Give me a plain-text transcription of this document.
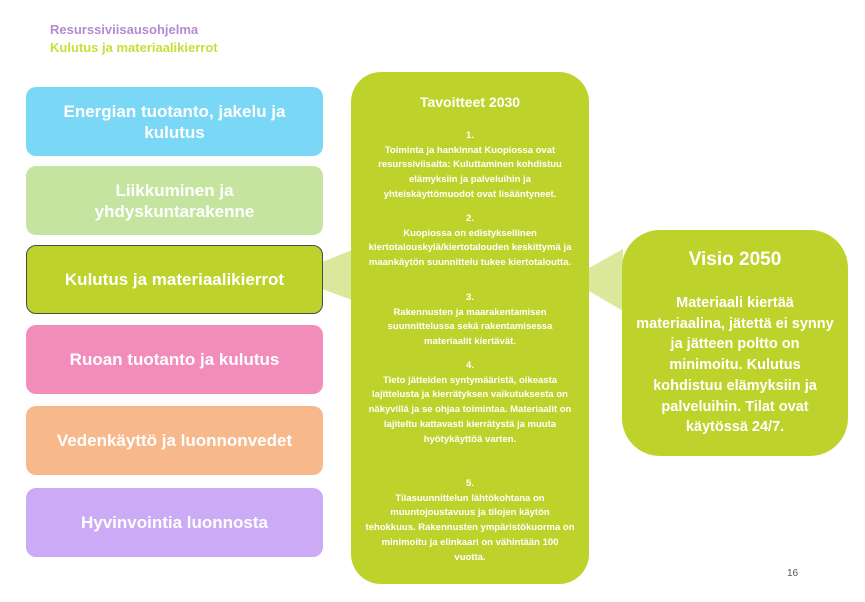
Resurssiviisausohjelma
Kulutus ja materiaalikierrot
Energian tuotanto, jakelu ja kulutus
Liikkuminen ja yhdyskuntarakenne
Kulutus ja materiaalikierrot
Ruoan tuotanto ja kulutus
Vedenkäyttö ja luonnonvedet
Hyvinvointia luonnosta
Tavoitteet 2030
1.
Toiminta ja hankinnat Kuopiossa ovat resurssiviisaita: Kuluttaminen kohdistuu elämyksiin ja palveluihin ja yhteiskäyttömuodot ovat lisääntyneet.
2.
Kuopiossa on edistyksellinen kiertotalouskylä/kiertotalouden keskittymä ja maankäytön suunnittelu tukee kiertotaloutta.
3.
Rakennusten ja maarakentamisen suunnittelussa sekä rakentamisessa materiaalit kiertävät.
4.
Tieto jätteiden syntymääristä, oikeasta lajittelusta ja kierrätyksen vaikutuksesta on näkyvillä ja se ohjaa toimintaa. Materiaalit on lajiteltu kattavasti kierrätystä ja muuta hyötykäyttöä varten.
5.
Tilasuunnittelun lähtökohtana on muuntojoustavuus ja tilojen käytön tehokkuus. Rakennusten ympäristökuorma on minimoitu ja elinkaari on vähintään 100 vuotta.
Visio 2050
Materiaali kiertää materiaalina, jätettä ei synny ja jätteen poltto on minimoitu. Kulutus kohdistuu elämyksiin ja palveluihin. Tilat ovat käytössä 24/7.
16
